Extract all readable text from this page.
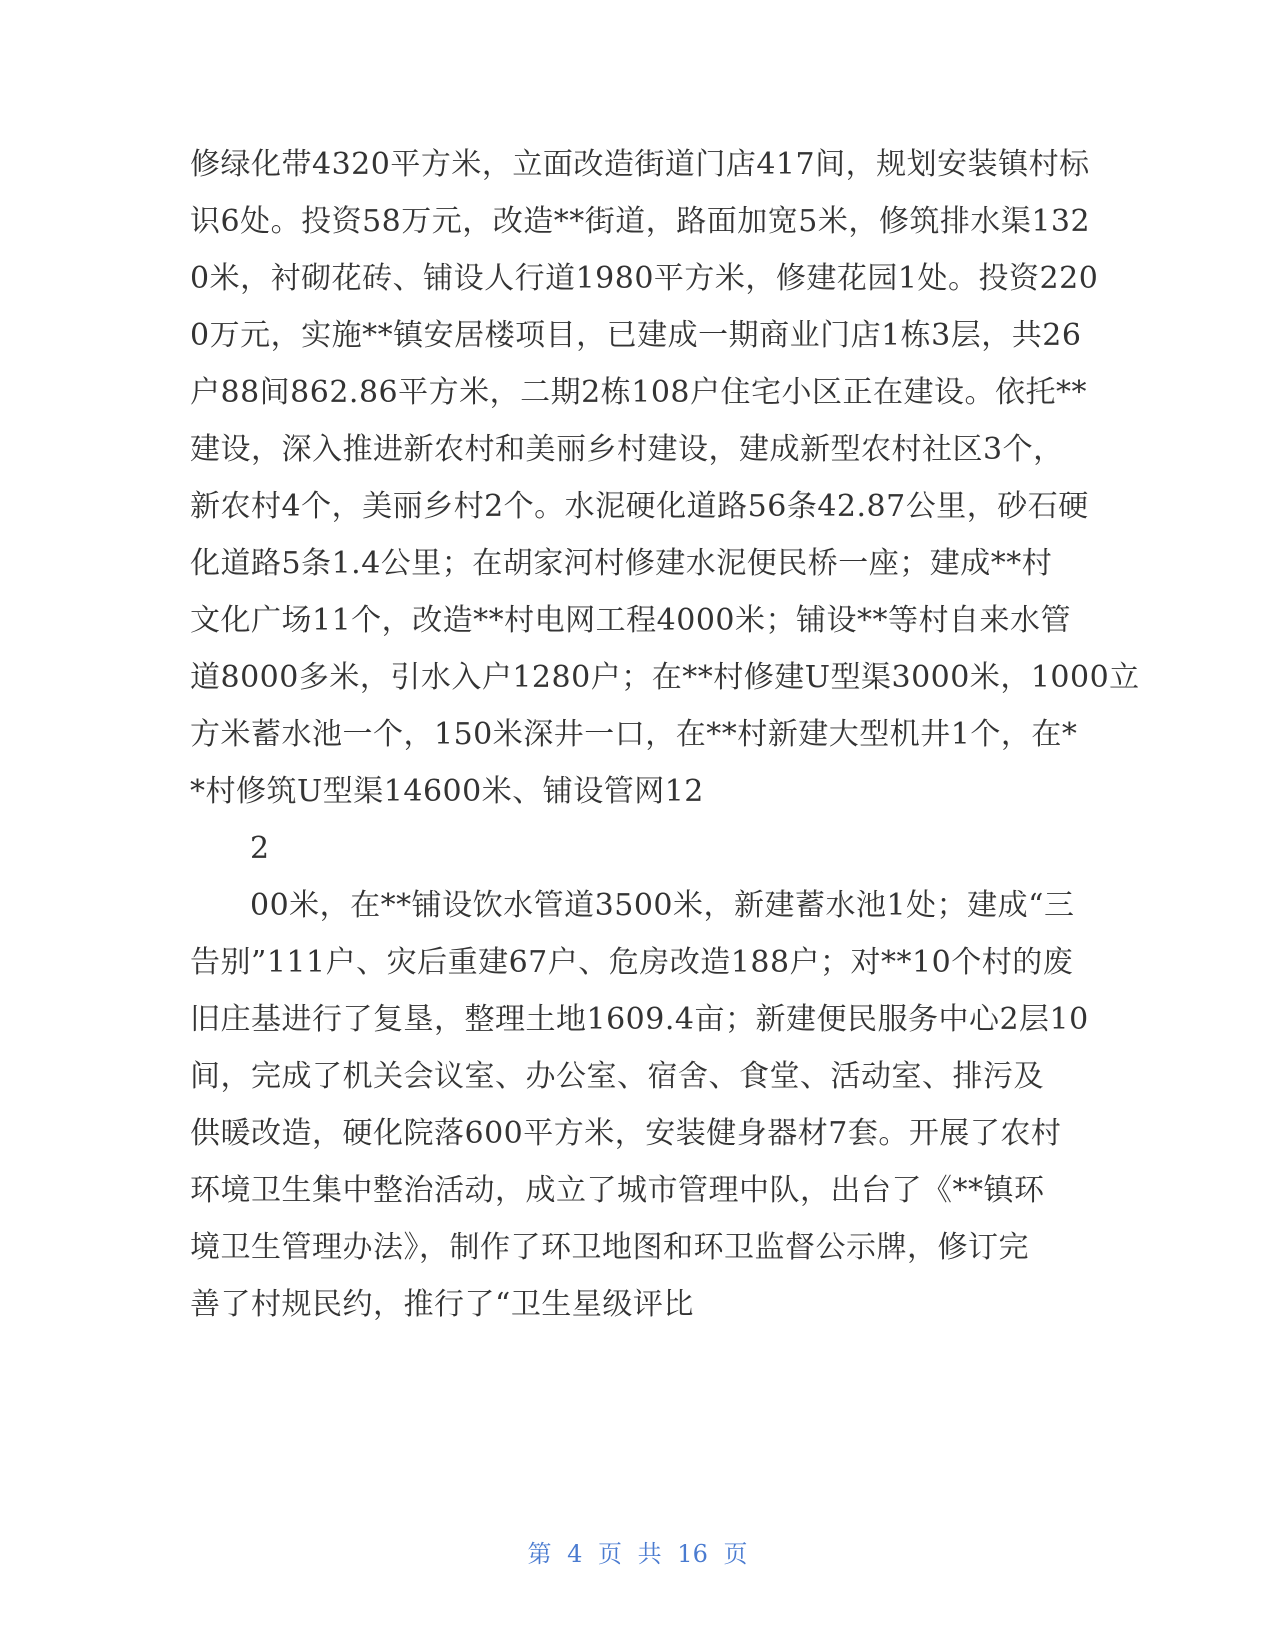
修绿化带4320平方米，立面改造街道门店417间，规划安装镇村标
识6处。投资58万元，改造**街道，路面加宽5米，修筑排水渠132
0米，衬砌花砖、铺设人行道1980平方米，修建花园1处。投资220
0万元，实施**镇安居楼项目，已建成一期商业门店1栋3层，共26
户88间862.86平方米，二期2栋108户住宅小区正在建设。依托**
建设，深入推进新农村和美丽乡村建设，建成新型农村社区3个，
新农村4个，美丽乡村2个。水泥硬化道路56条42.87公里，砂石硬
化道路5条1.4公里；在胡家河村修建水泥便民桥一座；建成**村
文化广场11个，改造**村电网工程4000米；铺设**等村自来水管
道8000多米，引水入户1280户；在**村修建U型渠3000米，1000立
方米蓄水池一个，150米深井一口，在**村新建大型机井1个，在*
*村修筑U型渠14600米、铺设管网12
2
00米，在**铺设饮水管道3500米，新建蓄水池1处；建成“三
告别”111户、灾后重建67户、危房改造188户；对**10个村的废
旧庄基进行了复垦，整理土地1609.4亩；新建便民服务中心2层10
间，完成了机关会议室、办公室、宿舍、食堂、活动室、排污及
供暖改造，硬化院落600平方米，安装健身器材7套。开展了农村
环境卫生集中整治活动，成立了城市管理中队，出台了《**镇环
境卫生管理办法》，制作了环卫地图和环卫监督公示牌，修订完
善了村规民约，推行了“卫生星级评比
第 4 页 共 16 页
